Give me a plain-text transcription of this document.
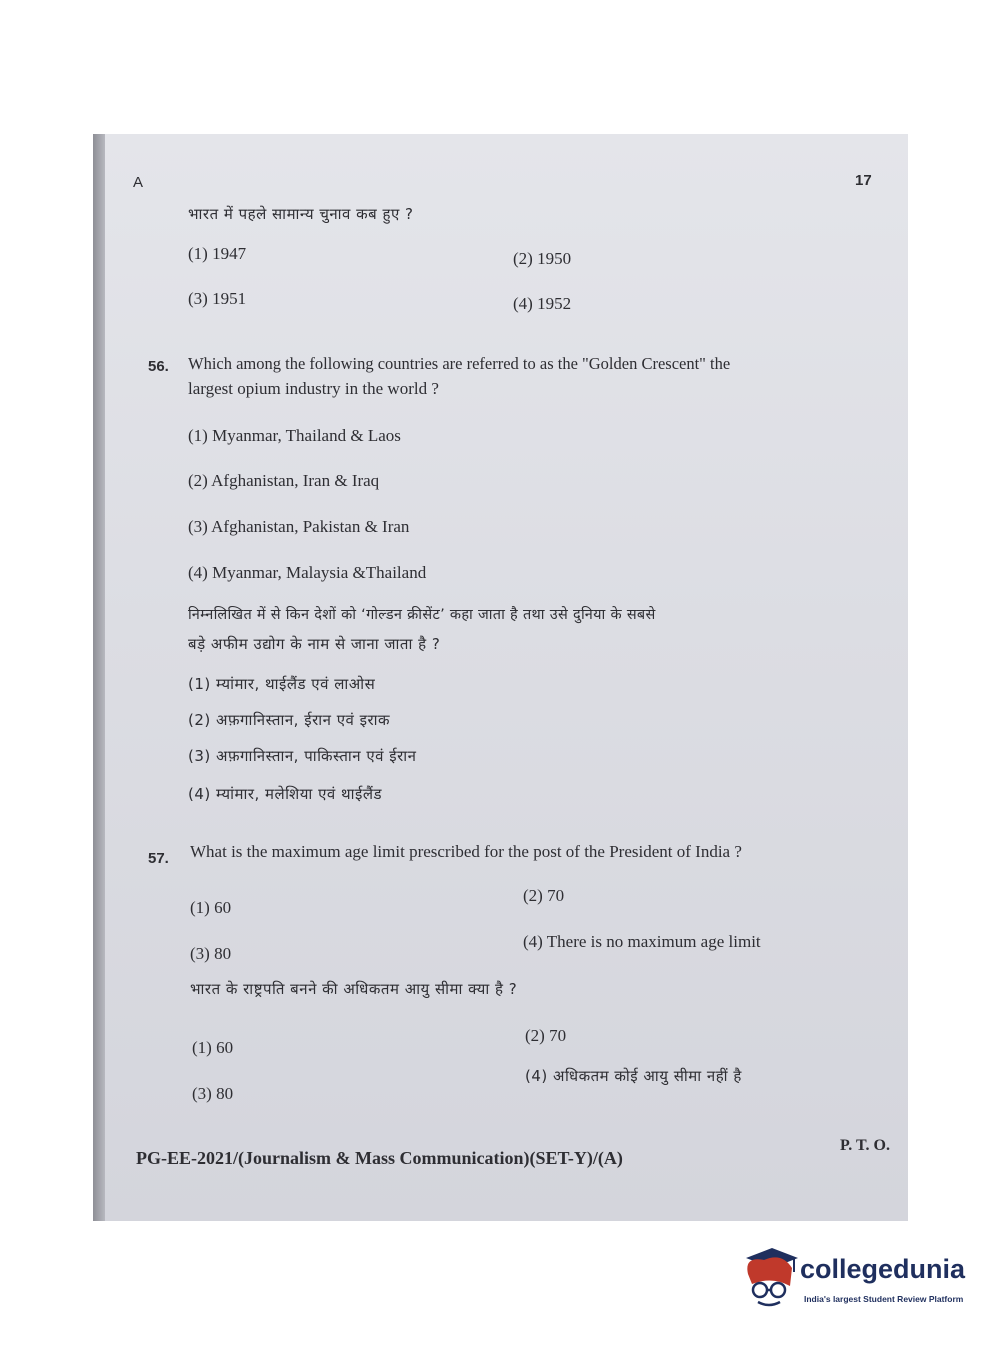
A	17
भारत में पहले सामान्य चुनाव कब हुए ?
(1) 1947	(2) 1950
(3) 1951	(4) 1952
56. Which among the following countries are referred to as the "Golden Crescent" the
largest opium industry in the world ?
(1) Myanmar, Thailand & Laos
(2) Afghanistan, Iran & Iraq
(3) Afghanistan, Pakistan & Iran
(4) Myanmar, Malaysia &Thailand
निम्नलिखित में से किन देशों को ‘गोल्डन क्रीसेंट’ कहा जाता है तथा उसे दुनिया के सबसे
बड़े अफीम उद्योग के नाम से जाना जाता है ?
(1) म्यांमार, थाईलैंड एवं लाओस
(2) अफ़गानिस्तान, ईरान एवं इराक
(3) अफ़गानिस्तान, पाकिस्तान एवं ईरान
(4) म्यांमार, मलेशिया एवं थाईलैंड
57. What is the maximum age limit prescribed for the post of the President of India ?
(1) 60
(2) 70
(3) 80
(4) There is no maximum age limit
भारत के राष्ट्रपति बनने की अधिकतम आयु सीमा क्या है ?
(1) 60
(2) 70
(3) 80
(4) अधिकतम कोई आयु सीमा नहीं है
PG-EE-2021/(Journalism & Mass Communication)(SET-Y)/(A)
P. T. O.
collegedunia
India's largest Student Review Platform
